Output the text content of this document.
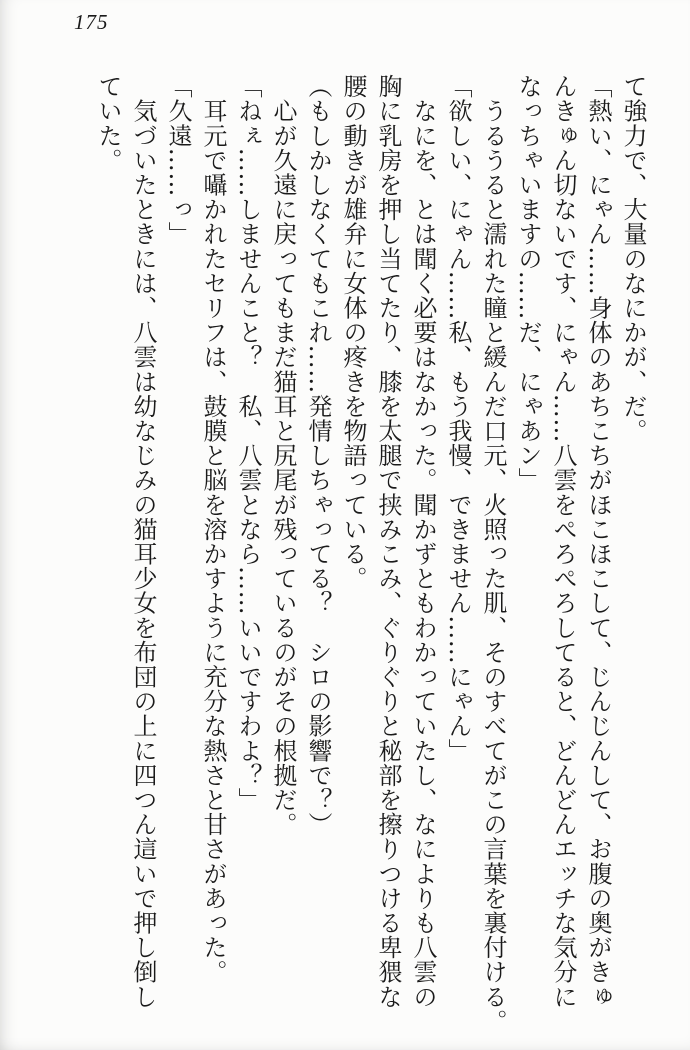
175

て強力で、大量のなにかが、だ。

「熱い、にゃん……身体のあちこちがほこほこして、じんじんして、お腹の奥がきゅ

んきゅん切ないです、にゃん……八雲をぺろぺろしてると、どんどんエッチな気分に

なっちゃいますの……だ、にゃあン」

　うるうると濡れた瞳と緩んだ口元、火照った肌、そのすべてがこの言葉を裏付ける。

「欲しい、にゃん……私、もう我慢、できません……にゃん」

　なにを、とは聞く必要はなかった。聞かずともわかっていたし、なによりも八雲の

胸に乳房を押し当てたり、膝を太腿で挟みこみ、ぐりぐりと秘部を擦りつける卑猥な

腰の動きが雄弁に女体の疼きを物語っている。

（もしかしなくてもこれ……発情しちゃってる？　シロの影響で？）

　心が久遠に戻ってもまだ猫耳と尻尾が残っているのがその根拠だ。

「ねぇ……しませんこと？　私、八雲となら……いいですわよ？」

　耳元で囁かれたセリフは、鼓膜と脳を溶かすように充分な熱さと甘さがあった。

「久遠……っ」

　気づいたときには、八雲は幼なじみの猫耳少女を布団の上に四つん這いで押し倒し

ていた。
